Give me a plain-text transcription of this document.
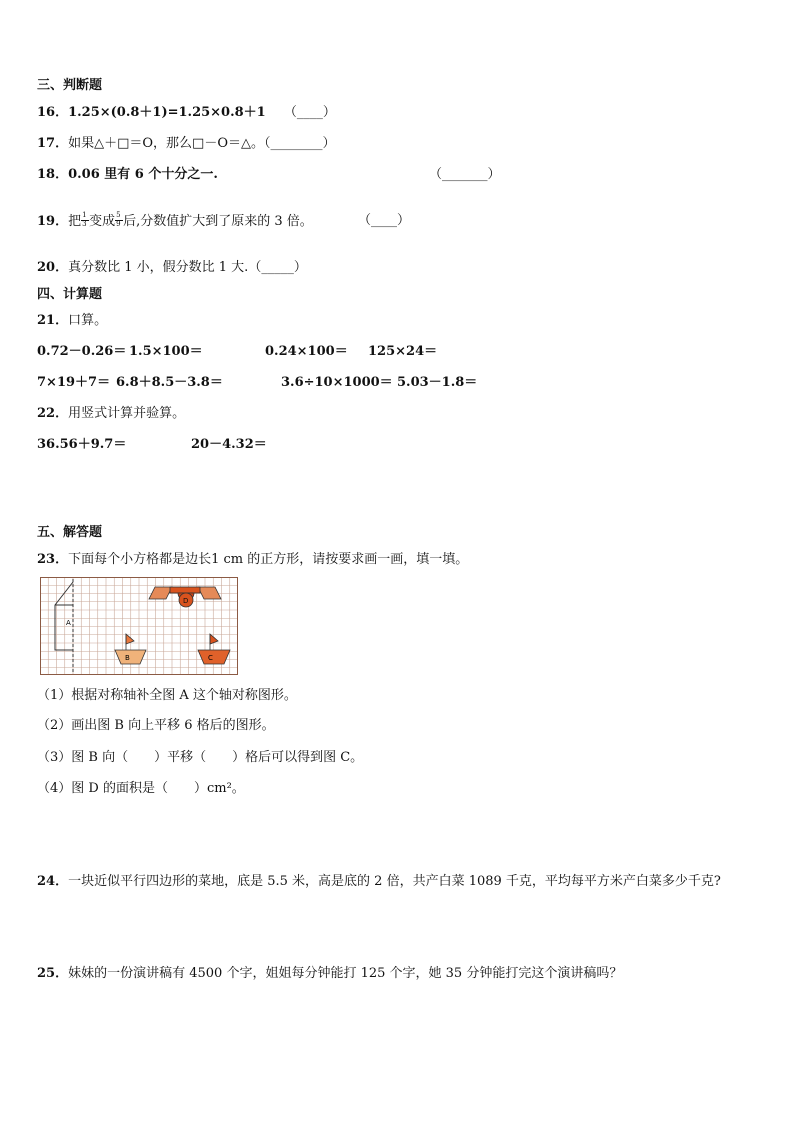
三、判断题
16．1.25×(0.8＋1)=1.25×0.8＋1 （____）
17．如果△＋□＝O，那么□－O＝△。（________）
18．0.06 里有 6 个十分之一.	（_______）
19．把 $\frac{1}{3}$ 变成 $\frac{5}{9}$ 后,分数值扩大到了原来的 3 倍。	（____）
20．真分数比 1 小，假分数比 1 大.（_____）
四、计算题
21．口算。
0.72－0.26＝ 1.5×100＝	0.24×100＝ 125×24＝
7×19＋7＝ 6.8＋8.5－3.8＝	3.6÷10×1000＝ 5.03－1.8＝
22．用竖式计算并验算。
36.56＋9.7＝	20－4.32＝
五、解答题
23．下面每个小方格都是边长1 cm 的正方形，请按要求画一画，填一填。
A
D
B	C
（1）根据对称轴补全图 A 这个轴对称图形。
（2）画出图 B 向上平移 6 格后的图形。
（3）图 B 向（　　）平移（　　）格后可以得到图 C。
（4）图 D 的面积是（　　）cm²。
24．一块近似平行四边形的菜地，底是 5.5 米，高是底的 2 倍，共产白菜 1089 千克，平均每平方米产白菜多少千克?
25．妹妹的一份演讲稿有 4500 个字，姐姐每分钟能打 125 个字，她 35 分钟能打完这个演讲稿吗？
